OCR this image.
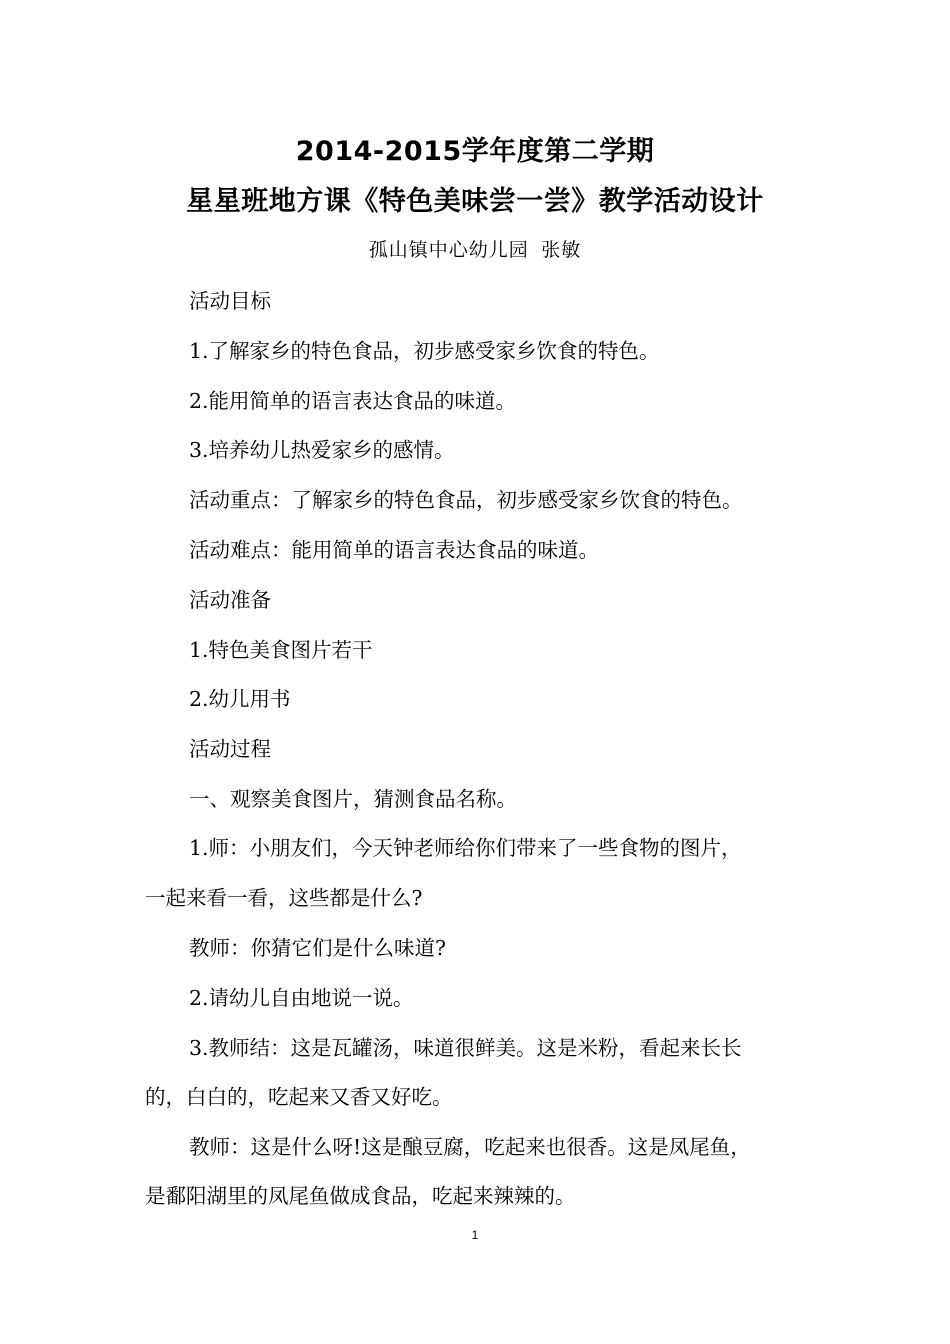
2014-2015学年度第二学期
星星班地方课《特色美味尝一尝》教学活动设计
孤山镇中心幼儿园 张敏
活动目标
1.了解家乡的特色食品，初步感受家乡饮食的特色。
2.能用简单的语言表达食品的味道。
3.培养幼儿热爱家乡的感情。
活动重点：了解家乡的特色食品，初步感受家乡饮食的特色。
活动难点：能用简单的语言表达食品的味道。
活动准备
1.特色美食图片若干
2.幼儿用书
活动过程
一、观察美食图片，猜测食品名称。
1.师：小朋友们，今天钟老师给你们带来了一些食物的图片，
一起来看一看，这些都是什么?
教师：你猜它们是什么味道?
2.请幼儿自由地说一说。
3.教师结：这是瓦罐汤，味道很鲜美。这是米粉，看起来长长
的，白白的，吃起来又香又好吃。
教师：这是什么呀!这是酿豆腐，吃起来也很香。这是凤尾鱼，
是鄱阳湖里的凤尾鱼做成食品，吃起来辣辣的。
1
